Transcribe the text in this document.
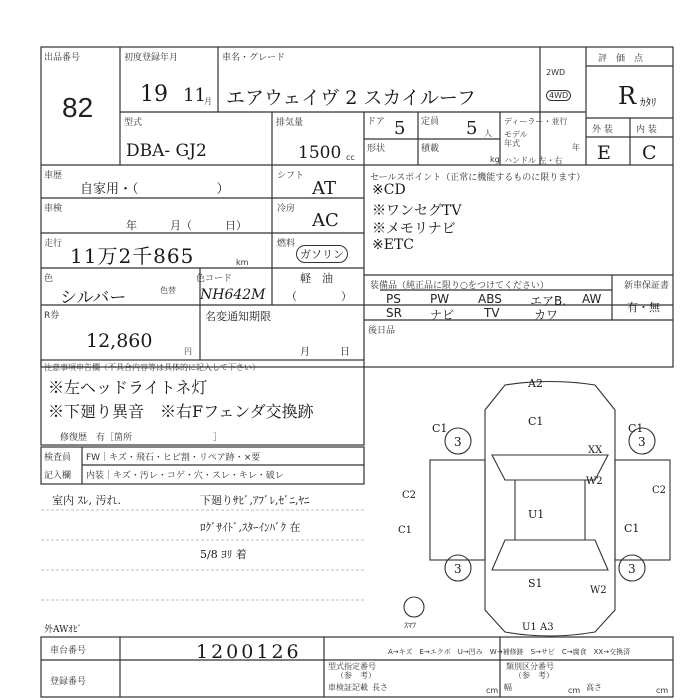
出品番号
82
初度登録年月
19 11
月
車名・グレード
エアウェイヴ 2 スカイルーフ
2WD
4WD
評　価　点
R ｶﾀﾘ
型式
DBA- GJ2
排気量
1500 cc
ドア 5 定員 5 人
ディーラー・並行
モデル
年式	年
形状	積載
kg ハンドル 左・右
外 装	内 装
E C
車歴
自家用・（　　　　　　）
シフト
AT
車検
年　　　月（　　　日）
冷房
AC
走行 11万2千865	km
燃料
ガソリン
軽　油
（　　　　）
色
シルバー	色替
色コード
NH642M
セールスポイント（正常に機能するものに限ります）
※CD
※ワンセグTV
※メモリナビ
※ETC
装備品（純正品に限り○をつけてください）	新車保証書
有・無
PS PW ABS エアB. AW
SR ナビ TV	カワ
R券
12,860	円
名変通知期限
月　　　日
後日品
注意事項申告欄（不具合内容等は具体的に記入して下さい）
※左ヘッドライトネ灯
※下廻り異音　※右Fフェンダ交換跡
修復歴　有［箇所　　　　　　　　　］
検査員
記入欄
FW｜キズ・飛石・ヒビ割・リペア跡・×要
内装｜キズ・汚レ・コゲ・穴・スレ・キレ・破レ
室内 ｽﾚ, 汚れ.	下廻りｻﾋﾞ,ｱﾌﾞﾚ,ｾﾞﾆ,ﾔﾆ
ﾛｸﾞｻｲﾄﾞ,ｽﾀｰｲﾝﾊﾞｸ 在
5/8 ﾖﾘ 着
A2
C1
C1	C1
C1
3	3
3	3
U1
W2
W2
S1
XX
U1 A3
C2	C2
C1
ｽﾏﾌ
A→キズ　E→エクボ　U→凹み　W→補修跡　S→サビ　C→腐食　XX→交換済
外AWｵﾋﾞ
車台番号	1200126
登録番号
型式指定番号
（参　考）
類別区分番号
（参　考）
車検証記載 長さ	cm 幅	cm 高さ	cm
